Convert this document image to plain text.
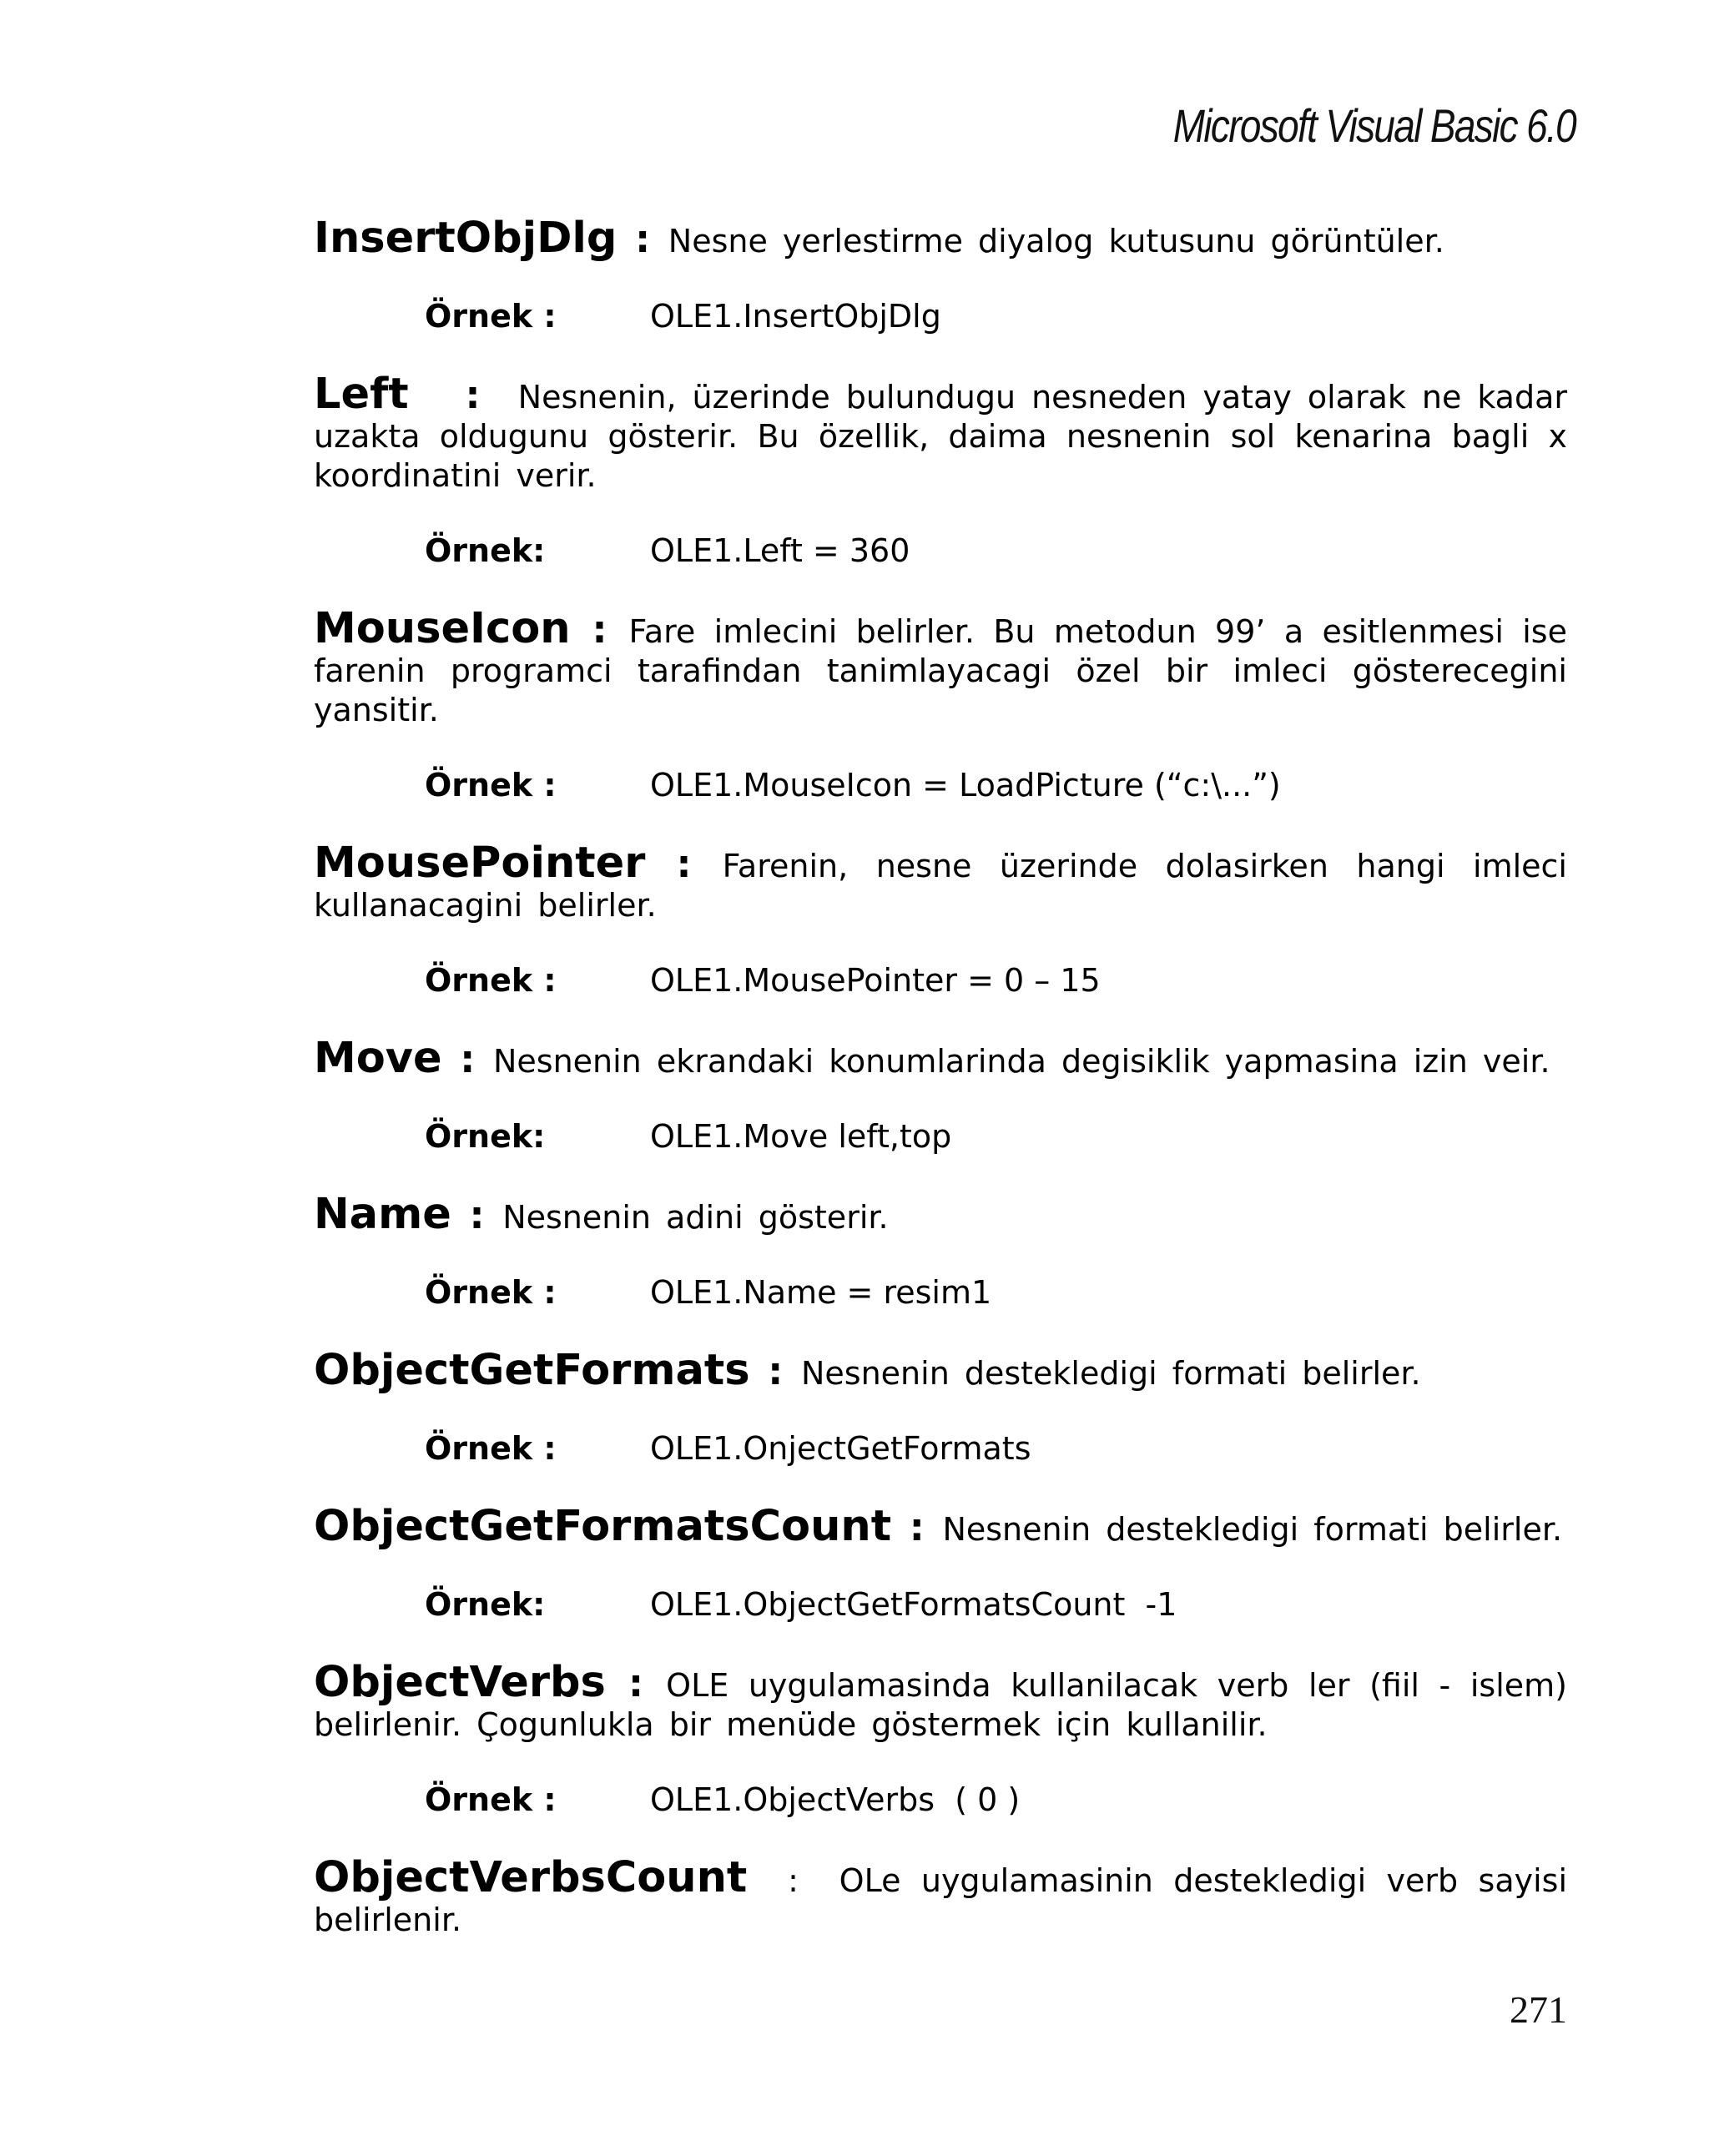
Microsoft Visual Basic 6.0

InsertObjDlg : Nesne yerlestirme diyalog kutusunu görüntüler.

Örnek :	OLE1.InsertObjDlg

Left   :  Nesnenin, üzerinde bulundugu nesneden yatay olarak ne kadar uzakta oldugunu gösterir. Bu özellik, daima nesnenin sol kenarina bagli x koordinatini verir.

Örnek:	OLE1.Left = 360

MouseIcon : Fare imlecini belirler. Bu metodun 99’ a esitlenmesi ise farenin programci tarafindan tanimlayacagi özel bir imleci gösterecegini yansitir.

Örnek :	OLE1.MouseIcon = LoadPicture (“c:\...”)

MousePointer : Farenin, nesne üzerinde dolasirken hangi imleci kullanacagini belirler.

Örnek :	OLE1.MousePointer = 0 – 15

Move : Nesnenin ekrandaki konumlarinda degisiklik yapmasina izin veir.

Örnek:	OLE1.Move left,top

Name : Nesnenin adini gösterir.

Örnek :	OLE1.Name = resim1

ObjectGetFormats : Nesnenin destekledigi formati belirler.

Örnek :	OLE1.OnjectGetFormats

ObjectGetFormatsCount : Nesnenin destekledigi formati belirler.

Örnek:	OLE1.ObjectGetFormatsCount  -1

ObjectVerbs : OLE uygulamasinda kullanilacak verb ler (fiil - islem) belirlenir. Çogunlukla bir menüde göstermek için kullanilir.

Örnek :	OLE1.ObjectVerbs  ( 0 )

ObjectVerbsCount  :  OLe uygulamasinin destekledigi verb sayisi belirlenir.

271
